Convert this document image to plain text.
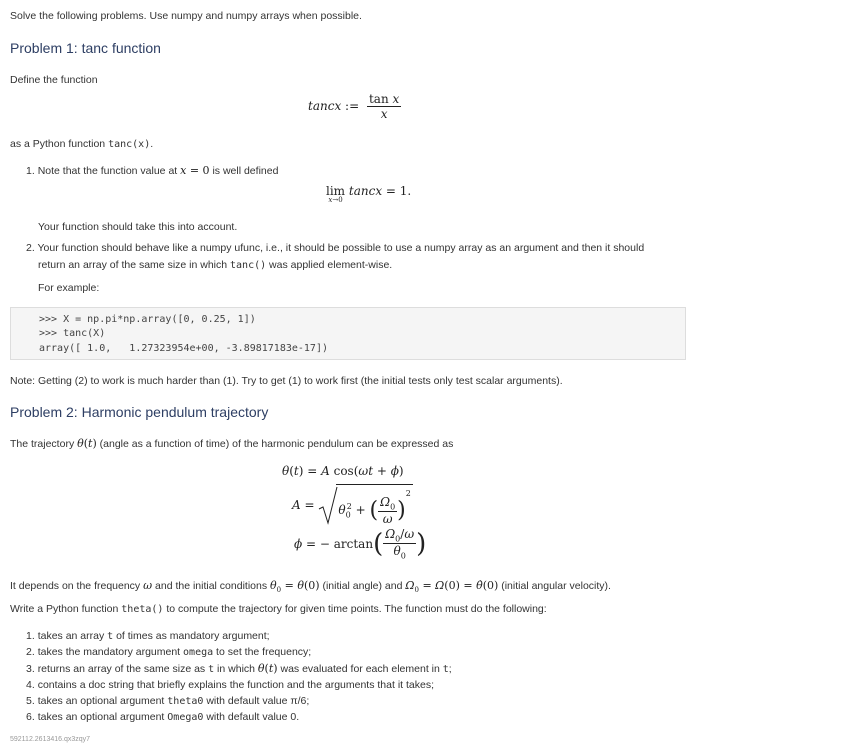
Solve the following problems. Use numpy and numpy arrays when possible.
Problem 1: tanc function
Define the function
tancx := $\frac{\text{tan x}}{x}$
as a Python function tanc(x).
1. Note that the function value at x = 0 is well defined
lim
x→0
tancx = 1.
Your function should take this into account.
2. Your function should behave like a numpy ufunc, i.e., it should be possible to use a numpy array as an argument and then it should
return an array of the same size in which tanc() was applied element-wise.
For example:
>>> X = np.pi*np.array([0, 0.25, 1])
>>> tanc(X)
array([ 1.0,   1.27323954e+00, -3.89817183e-17])
Note: Getting (2) to work is much harder than (1). Try to get (1) to work first (the initial tests only test scalar arguments).
Problem 2: Harmonic pendulum trajectory
The trajectory θ(t) (angle as a function of time) of the harmonic pendulum can be expressed as
θ(t) = A cos(ωt + ϕ)
$A = \theta_0^2$ + ( $\frac{\Omega_0}{\omega} )^2$
ϕ = − $\arctan( \frac{\Omega_0/\omega}{\theta_0}$ )
It depends on the frequency ω and the initial conditions $\theta_0 = \theta(0)$ (initial angle) and $\Omega_0 = \Omega(0)$ = θ̇(0) (initial angular velocity).
Write a Python function theta() to compute the trajectory for given time points. The function must do the following:
1. takes an array t of times as mandatory argument;
2. takes the mandatory argument omega to set the frequency;
3. returns an array of the same size as t in which θ(t) was evaluated for each element in t;
4. contains a doc string that briefly explains the function and the arguments that it takes;
5. takes an optional argument theta0 with default value π/6;
6. takes an optional argument Omega0 with default value 0.
592112.2613416.qx3zqy7
